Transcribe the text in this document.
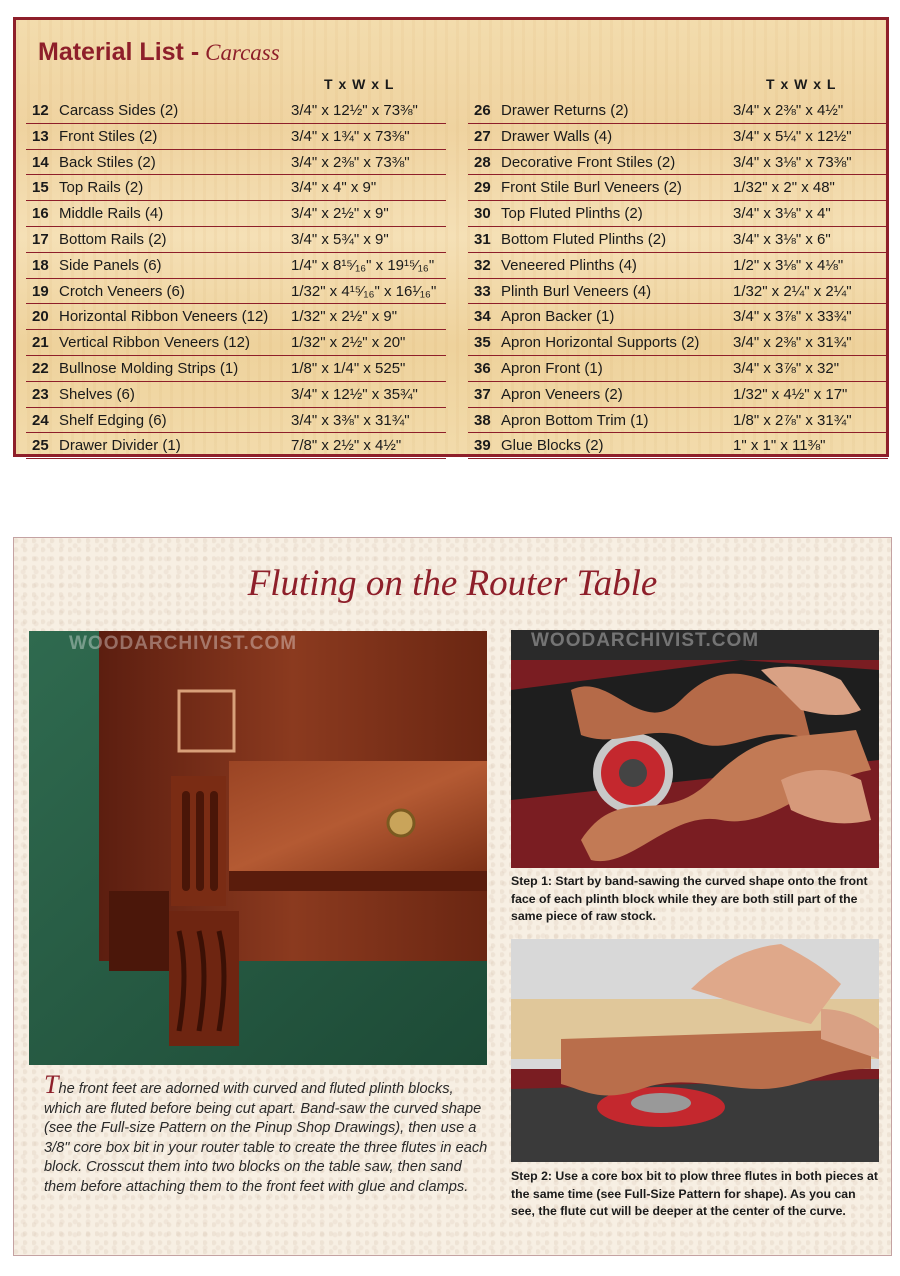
Material List - Carcass
T x W x L
12 Carcass Sides (2)	3/4" x 12½" x 73⅜"
13 Front Stiles (2)	3/4" x 1¾" x 73⅜"
14 Back Stiles (2)	3/4" x 2⅜" x 73⅜"
15 Top Rails (2)	3/4" x 4" x 9"
16 Middle Rails (4)	3/4" x 2½" x 9"
17 Bottom Rails (2)	3/4" x 5¾" x 9"
18 Side Panels (6)	1/4" x 8¹⁵⁄₁₆" x 19¹⁵⁄₁₆"
19 Crotch Veneers (6)	1/32" x 4¹⁵⁄₁₆" x 16¹⁄₁₆"
20 Horizontal Ribbon Veneers (12) 1/32" x 2½" x 9"
21 Vertical Ribbon Veneers (12)	1/32" x 2½" x 20"
22 Bullnose Molding Strips (1)	1/8" x 1/4" x 525"
23 Shelves (6)	3/4" x 12½" x 35¾"
24 Shelf Edging (6)	3/4" x 3⅜" x 31¾"
25 Drawer Divider (1)	7/8" x 2½" x 4½"
T x W x L
26 Drawer Returns (2)	3/4" x 2⅜" x 4½"
27 Drawer Walls (4)	3/4" x 5¼" x 12½"
28 Decorative Front Stiles (2)	3/4" x 3⅛" x 73⅜"
29 Front Stile Burl Veneers (2)	1/32" x 2" x 48"
30 Top Fluted Plinths (2)	3/4" x 3⅛" x 4"
31 Bottom Fluted Plinths (2)	3/4" x 3⅛" x 6"
32 Veneered Plinths (4)	1/2" x 3⅛" x 4⅛"
33 Plinth Burl Veneers (4)	1/32" x 2¼" x 2¼"
34 Apron Backer (1)	3/4" x 3⅞" x 33¾"
35 Apron Horizontal Supports (2) 3/4" x 2⅜" x 31¾"
36 Apron Front (1)	3/4" x 3⅞" x 32"
37 Apron Veneers (2)	1/32" x 4½" x 17"
38 Apron Bottom Trim (1)	1/8" x 2⅞" x 31¾"
39 Glue Blocks (2)	1" x 1" x 11⅜"
Fluting on the Router Table
WOODARCHIVIST.COM	WOODARCHIVIST.COM
Step 1: Start by band-sawing the curved shape onto the front face of each plinth block while they are both still part of the same piece of raw stock.
Step 2: Use a core box bit to plow three flutes in both pieces at the same time (see Full-Size Pattern for shape). As you can see, the flute cut will be deeper at the center of the curve.
The front feet are adorned with curved and fluted plinth blocks, which are fluted before being cut apart. Band-saw the curved shape (see the Full-size Pattern on the Pinup Shop Drawings), then use a 3/8" core box bit in your router table to create the three flutes in each block. Crosscut them into two blocks on the table saw, then sand them before attaching them to the front feet with glue and clamps.
